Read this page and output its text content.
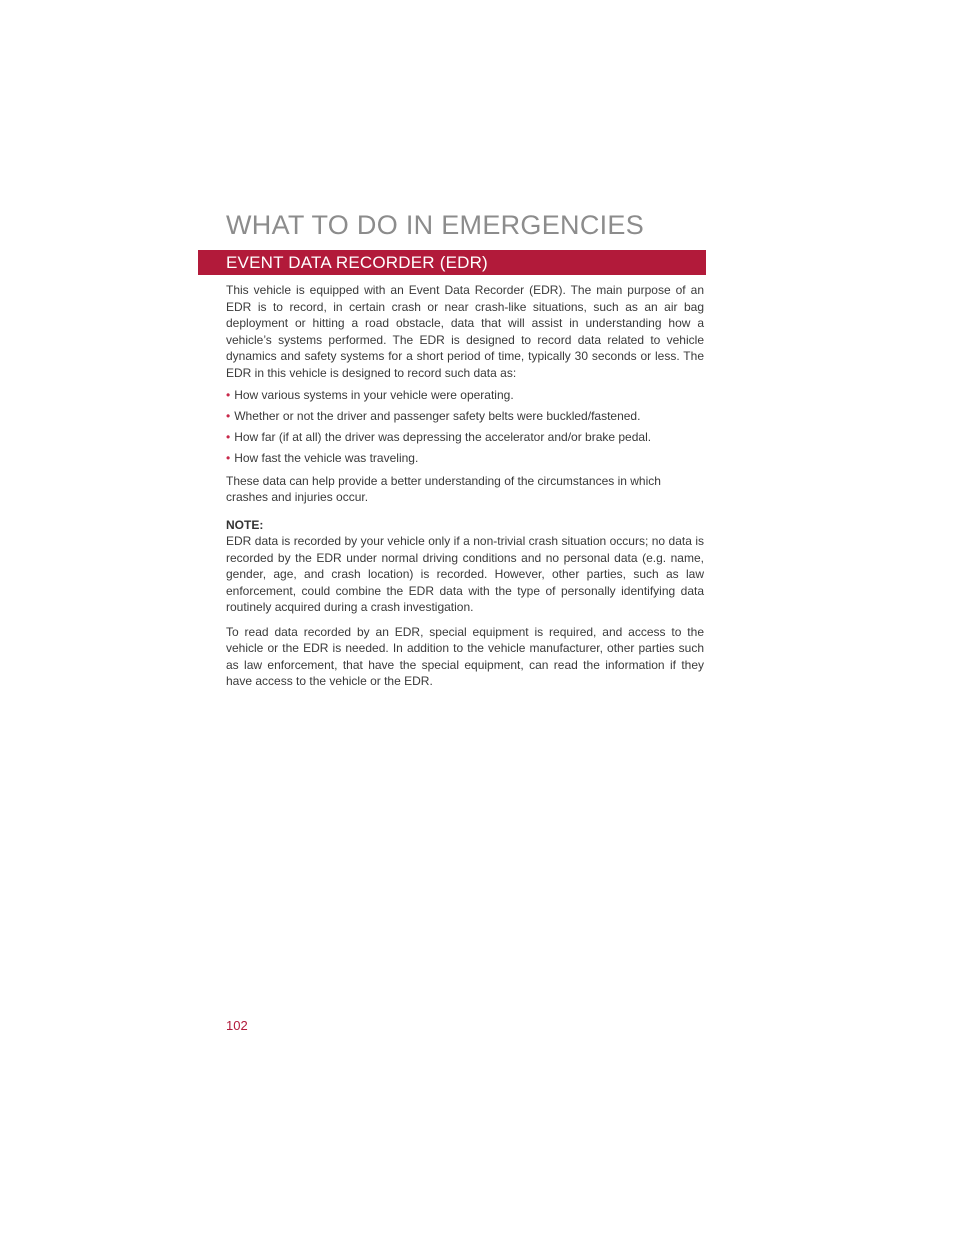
WHAT TO DO IN EMERGENCIES
EVENT DATA RECORDER (EDR)

This vehicle is equipped with an Event Data Recorder (EDR). The main purpose of an EDR is to record, in certain crash or near crash-like situations, such as an air bag deployment or hitting a road obstacle, data that will assist in understanding how a vehicle’s systems performed. The EDR is designed to record data related to vehicle dynamics and safety systems for a short period of time, typically 30 seconds or less. The EDR in this vehicle is designed to record such data as:

• How various systems in your vehicle were operating.
• Whether or not the driver and passenger safety belts were buckled/fastened.
• How far (if at all) the driver was depressing the accelerator and/or brake pedal.
• How fast the vehicle was traveling.

These data can help provide a better understanding of the circumstances in which crashes and injuries occur.

NOTE:

EDR data is recorded by your vehicle only if a non-trivial crash situation occurs; no data is recorded by the EDR under normal driving conditions and no personal data (e.g. name, gender, age, and crash location) is recorded. However, other parties, such as law enforcement, could combine the EDR data with the type of personally identifying data routinely acquired during a crash investigation.

To read data recorded by an EDR, special equipment is required, and access to the vehicle or the EDR is needed. In addition to the vehicle manufacturer, other parties such as law enforcement, that have the special equipment, can read the information if they have access to the vehicle or the EDR.

102
